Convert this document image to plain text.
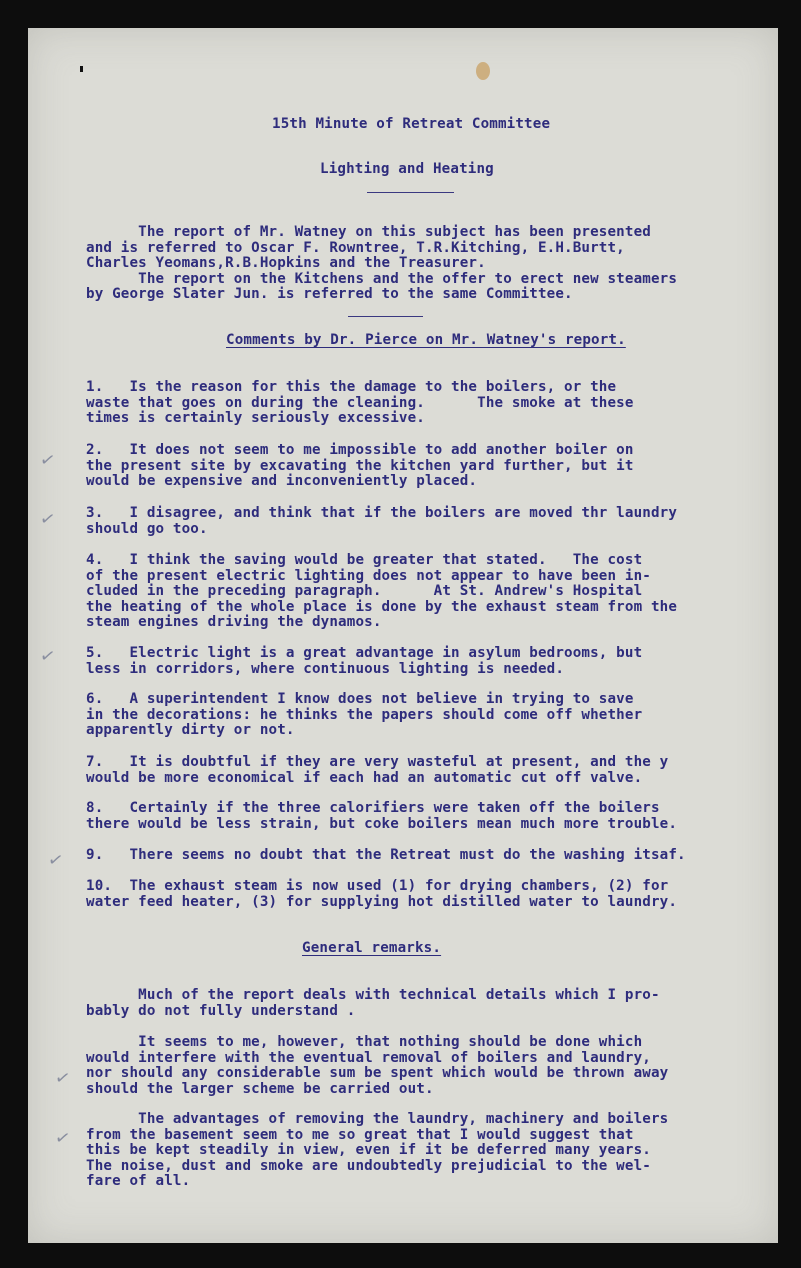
15th Minute of Retreat Committee

Lighting and Heating

The report of Mr. Watney on this subject has been presented
and is referred to Oscar F. Rowntree, T.R.Kitching, E.H.Burtt,
Charles Yeomans,R.B.Hopkins and the Treasurer.
The report on the Kitchens and the offer to erect new steamers
by George Slater Jun. is referred to the same Committee.

Comments by Dr. Pierce on Mr. Watney's report.

1.   Is the reason for this the damage to the boilers, or the
waste that goes on during the cleaning.      The smoke at these
times is certainly seriously excessive.

2.   It does not seem to me impossible to add another boiler on
the present site by excavating the kitchen yard further, but it
would be expensive and inconveniently placed.

3.   I disagree, and think that if the boilers are moved thr laundry
should go too.

4.   I think the saving would be greater that stated.   The cost
of the present electric lighting does not appear to have been in-
cluded in the preceding paragraph.      At St. Andrew's Hospital
the heating of the whole place is done by the exhaust steam from the
steam engines driving the dynamos.

5.   Electric light is a great advantage in asylum bedrooms, but
less in corridors, where continuous lighting is needed.

6.   A superintendent I know does not believe in trying to save
in the decorations: he thinks the papers should come off whether
apparently dirty or not.

7.   It is doubtful if they are very wasteful at present, and the y
would be more economical if each had an automatic cut off valve.

8.   Certainly if the three calorifiers were taken off the boilers
there would be less strain, but coke boilers mean much more trouble.

9.   There seems no doubt that the Retreat must do the washing itsaf.

10.  The exhaust steam is now used (1) for drying chambers, (2) for
water feed heater, (3) for supplying hot distilled water to laundry.

General remarks.

Much of the report deals with technical details which I pro-
bably do not fully understand .

It seems to me, however, that nothing should be done which
would interfere with the eventual removal of boilers and laundry,
nor should any considerable sum be spent which would be thrown away
should the larger scheme be carried out.

The advantages of removing the laundry, machinery and boilers
from the basement seem to me so great that I would suggest that
this be kept steadily in view, even if it be deferred many years.
The noise, dust and smoke are undoubtedly prejudicial to the wel-
fare of all.

✓
✓
✓
✓
✓
✓
